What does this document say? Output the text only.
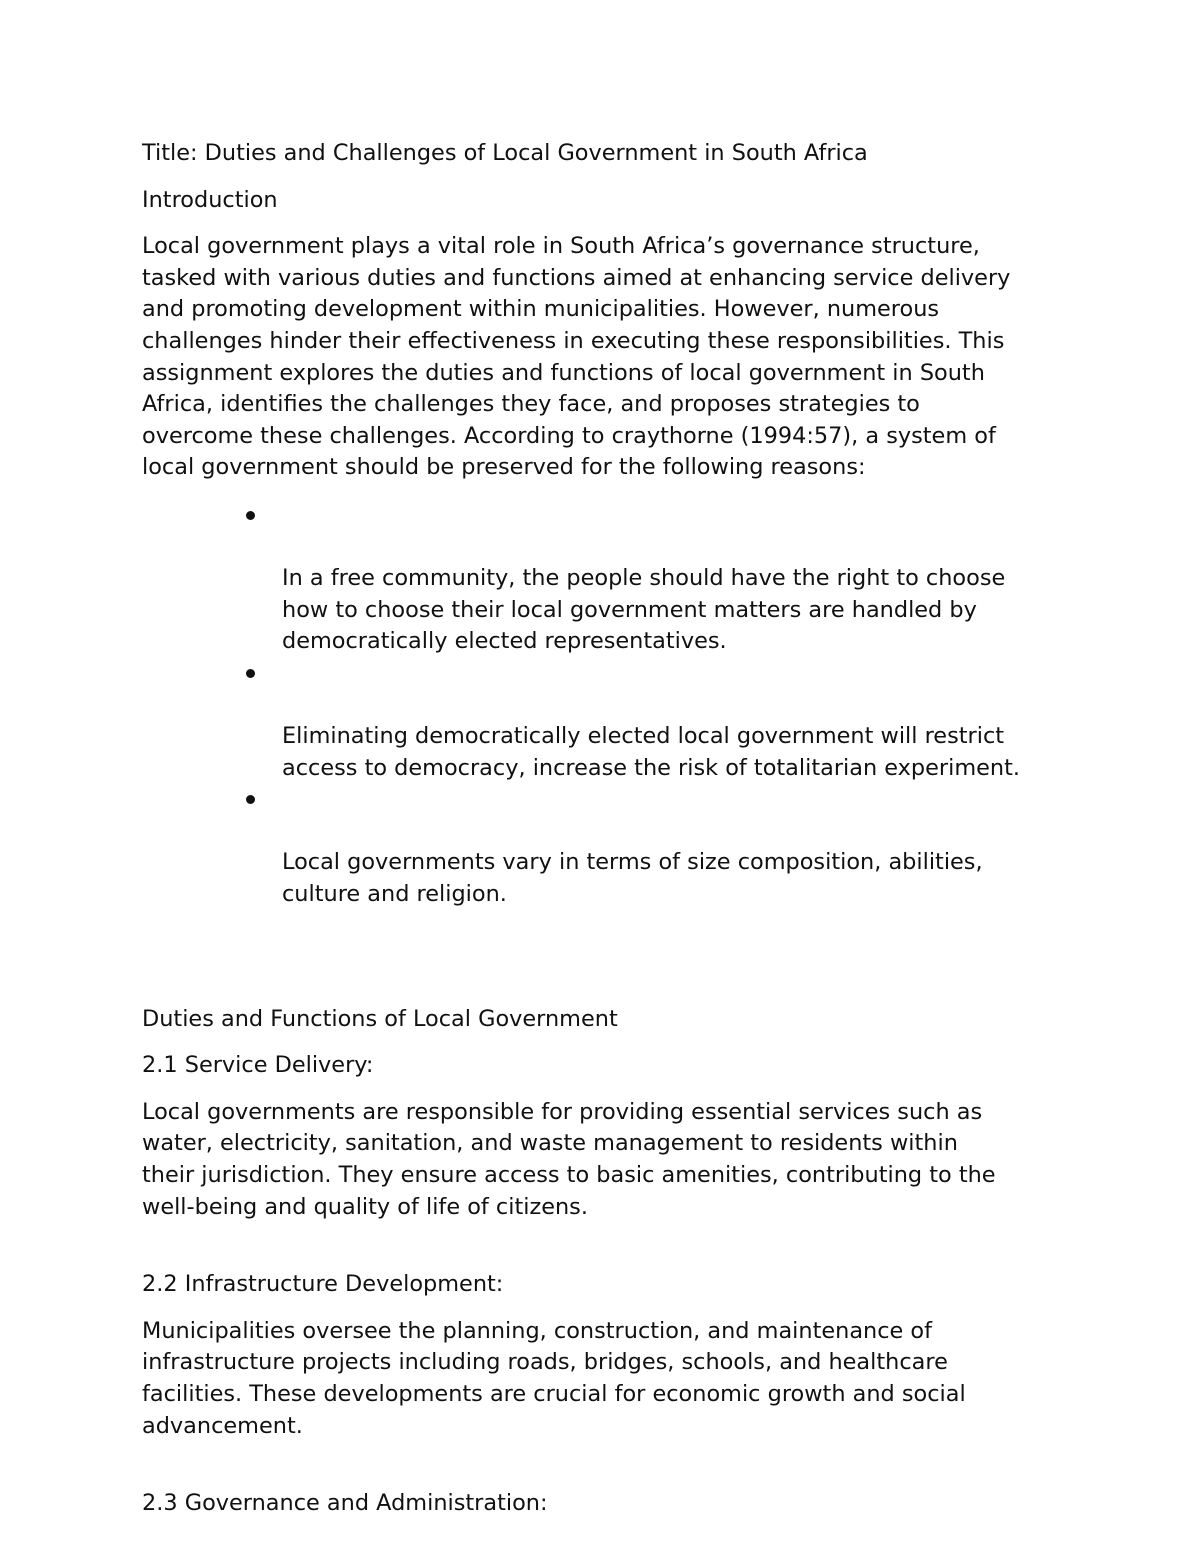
Title: Duties and Challenges of Local Government in South Africa

Introduction

Local government plays a vital role in South Africa’s governance structure,
tasked with various duties and functions aimed at enhancing service delivery
and promoting development within municipalities. However, numerous
challenges hinder their effectiveness in executing these responsibilities. This
assignment explores the duties and functions of local government in South
Africa, identifies the challenges they face, and proposes strategies to
overcome these challenges. According to craythorne (1994:57), a system of
local government should be preserved for the following reasons:

In a free community, the people should have the right to choose
how to choose their local government matters are handled by
democratically elected representatives.

Eliminating democratically elected local government will restrict
access to democracy, increase the risk of totalitarian experiment.

Local governments vary in terms of size composition, abilities,
culture and religion.

Duties and Functions of Local Government

2.1 Service Delivery:

Local governments are responsible for providing essential services such as
water, electricity, sanitation, and waste management to residents within
their jurisdiction. They ensure access to basic amenities, contributing to the
well-being and quality of life of citizens.

2.2 Infrastructure Development:

Municipalities oversee the planning, construction, and maintenance of
infrastructure projects including roads, bridges, schools, and healthcare
facilities. These developments are crucial for economic growth and social
advancement.

2.3 Governance and Administration:
